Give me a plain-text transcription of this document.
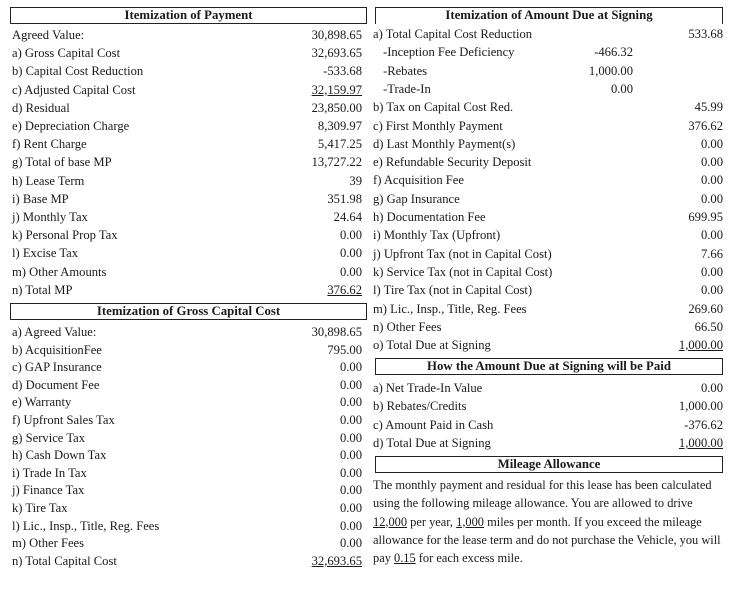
Itemization of Payment	Itemization of Amount Due at Signing
Itemization of Gross Capital Cost
How the Amount Due at Signing will be Paid
Mileage Allowance
Agreed Value:	30,898.65
a) Gross Capital Cost	32,693.65
b) Capital Cost Reduction	-533.68
c) Adjusted Capital Cost	32,159.97
d) Residual	23,850.00
e) Depreciation Charge	8,309.97
f) Rent Charge	5,417.25
g) Total of base MP	13,727.22
h) Lease Term	39
i) Base MP	351.98
j) Monthly Tax	24.64
k) Personal Prop Tax	0.00
l) Excise Tax	0.00
m) Other Amounts	0.00
n) Total MP	376.62
a) Agreed Value:	30,898.65
b) AcquisitionFee	795.00
c) GAP Insurance	0.00
d) Document Fee	0.00
e) Warranty	0.00
f) Upfront Sales Tax	0.00
g) Service Tax	0.00
h) Cash Down Tax	0.00
i) Trade In Tax	0.00
j) Finance Tax	0.00
k) Tire Tax	0.00
l) Lic., Insp., Title, Reg. Fees	0.00
m) Other Fees	0.00
n) Total Capital Cost	32,693.65
a) Total Capital Cost Reduction	533.68
-Inception Fee Deficiency	-466.32
-Rebates	1,000.00
-Trade-In	0.00
b) Tax on Capital Cost Red.	45.99
c) First Monthly Payment	376.62
d) Last Monthly Payment(s)	0.00
e) Refundable Security Deposit	0.00
f) Acquisition Fee	0.00
g) Gap Insurance	0.00
h) Documentation Fee	699.95
i) Monthly Tax (Upfront)	0.00
j) Upfront Tax (not in Capital Cost)	7.66
k) Service Tax (not in Capital Cost)	0.00
l) Tire Tax (not in Capital Cost)	0.00
m) Lic., Insp., Title, Reg. Fees	269.60
n) Other Fees	66.50
o) Total Due at Signing	1,000.00
a) Net Trade-In Value	0.00
b) Rebates/Credits	1,000.00
c) Amount Paid in Cash	-376.62
d) Total Due at Signing	1,000.00
The monthly payment and residual for this lease has been calculated using the following mileage allowance. You are allowed to drive 12,000 per year, 1,000 miles per month. If you exceed the mileage allowance for the lease term and do not purchase the Vehicle, you will pay 0.15 for each excess mile.
